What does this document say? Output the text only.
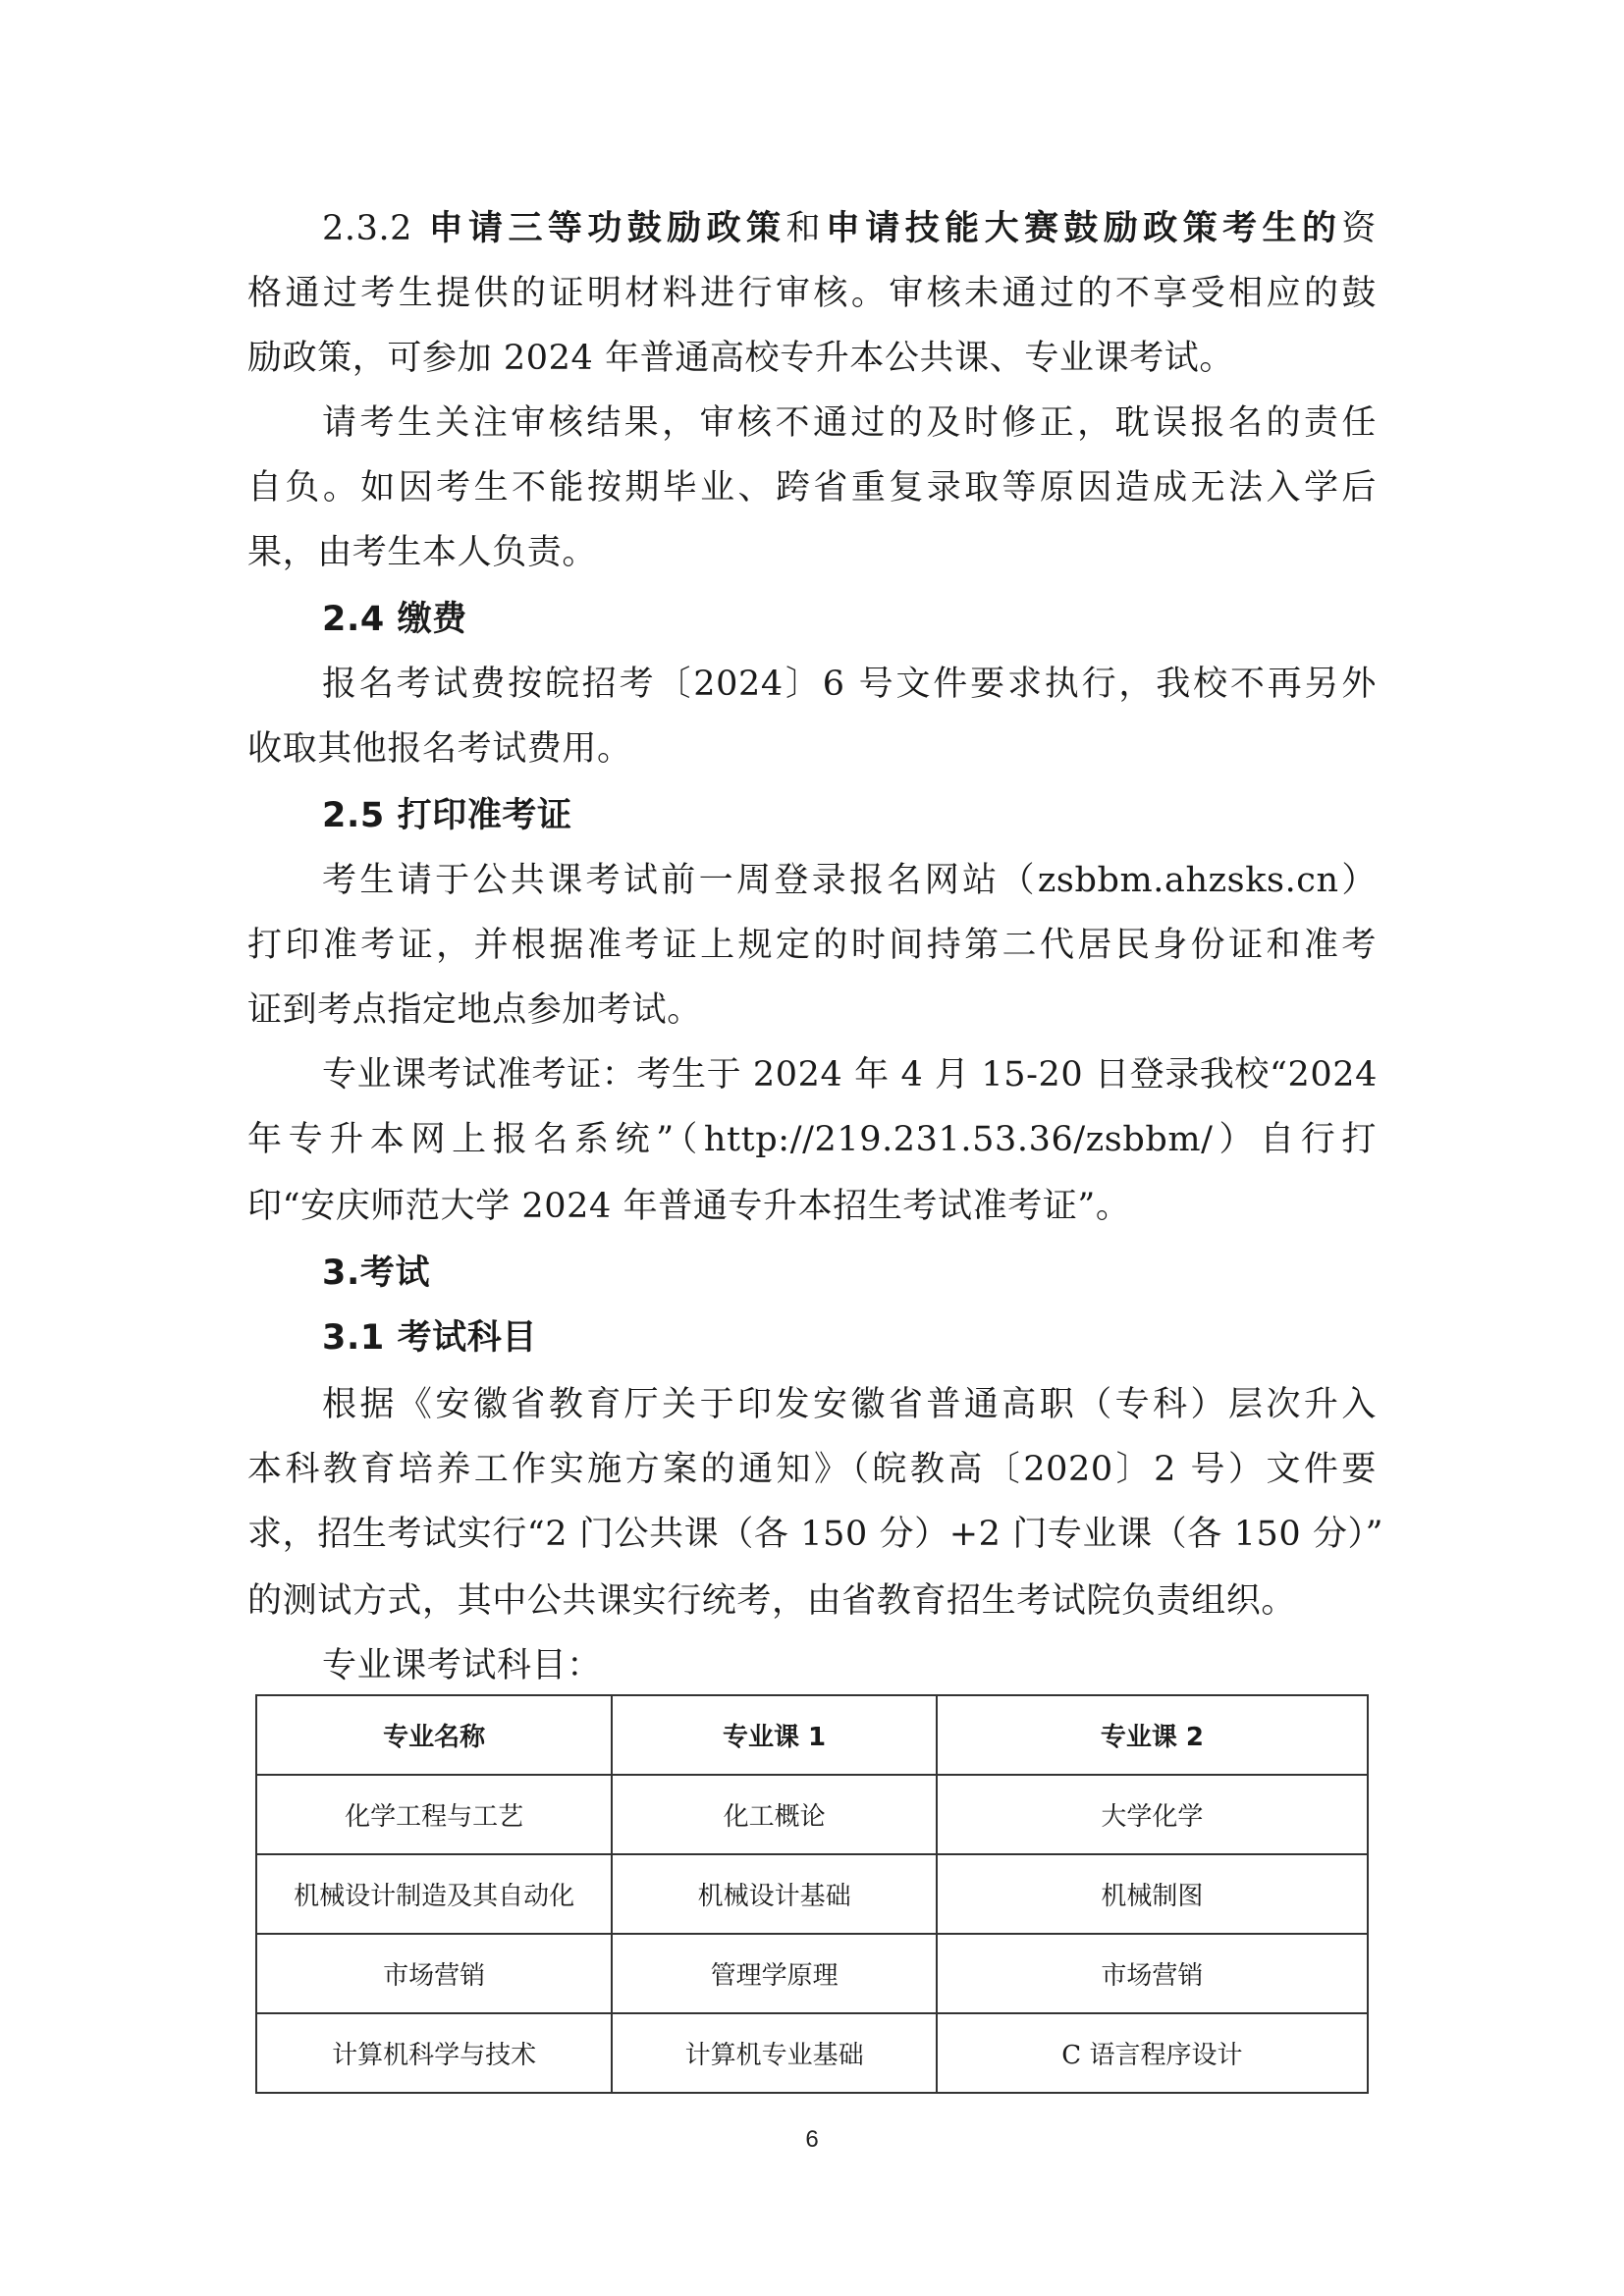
2.3.2 申请三等功鼓励政策和申请技能大赛鼓励政策考生的资
格通过考生提供的证明材料进行审核。审核未通过的不享受相应的鼓
励政策，可参加 2024 年普通高校专升本公共课、专业课考试。
请考生关注审核结果，审核不通过的及时修正，耽误报名的责任
自负。如因考生不能按期毕业、跨省重复录取等原因造成无法入学后
果，由考生本人负责。
2.4 缴费
报名考试费按皖招考〔2024〕6 号文件要求执行，我校不再另外
收取其他报名考试费用。
2.5 打印准考证
考生请于公共课考试前一周登录报名网站（zsbbm.ahzsks.cn）
打印准考证，并根据准考证上规定的时间持第二代居民身份证和准考
证到考点指定地点参加考试。
专业课考试准考证：考生于 2024 年 4 月 15-20 日登录我校“2024
年专升本网上报名系统”（http://219.231.53.36/zsbbm/）自行打
印“安庆师范大学 2024 年普通专升本招生考试准考证”。
3.考试
3.1 考试科目
根据《安徽省教育厅关于印发安徽省普通高职（专科）层次升入
本科教育培养工作实施方案的通知》（皖教高〔2020〕2 号）文件要
求，招生考试实行“2 门公共课（各 150 分）+2 门专业课（各 150 分）”
的测试方式，其中公共课实行统考，由省教育招生考试院负责组织。
专业课考试科目：
专业名称	专业课 1	专业课 2
化学工程与工艺	化工概论	大学化学
机械设计制造及其自动化	机械设计基础	机械制图
市场营销	管理学原理	市场营销
计算机科学与技术	计算机专业基础	C 语言程序设计
6
